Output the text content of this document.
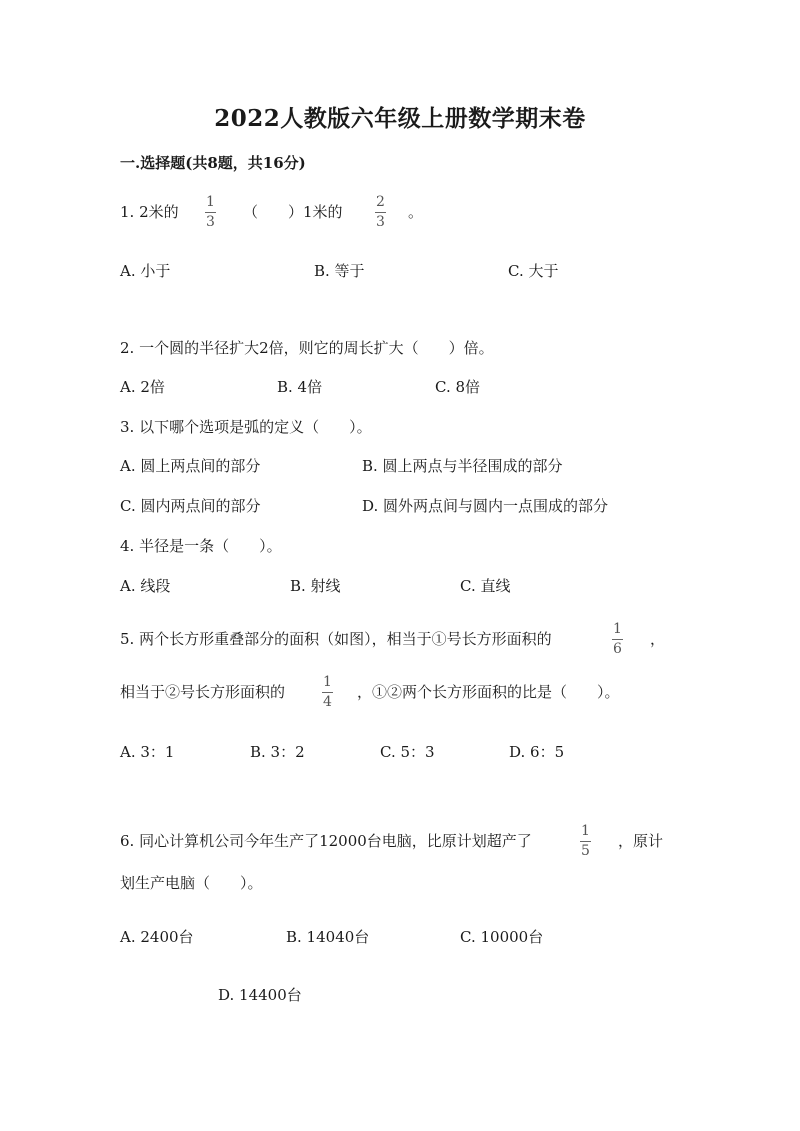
2022人教版六年级上册数学期末卷
一.选择题(共8题，共16分)
1. 2米的
1
3
（　　）1米的
2
3
。
A. 小于	B. 等于	C. 大于
2. 一个圆的半径扩大2倍，则它的周长扩大（　　）倍。
A. 2倍	B. 4倍	C. 8倍
3. 以下哪个选项是弧的定义（　　）。
A. 圆上两点间的部分	B. 圆上两点与半径围成的部分
C. 圆内两点间的部分	D. 圆外两点间与圆内一点围成的部分
4. 半径是一条（　　）。
A. 线段	B. 射线	C. 直线
5. 两个长方形重叠部分的面积（如图），相当于①号长方形面积的
1
6
，
相当于②号长方形面积的
1
4
，①②两个长方形面积的比是（　　）。
A. 3：1	B. 3：2	C. 5：3	D. 6：5
6. 同心计算机公司今年生产了12000台电脑，比原计划超产了
1
5
，原计
划生产电脑（　　）。
A. 2400台	B. 14040台	C. 10000台
D. 14400台
